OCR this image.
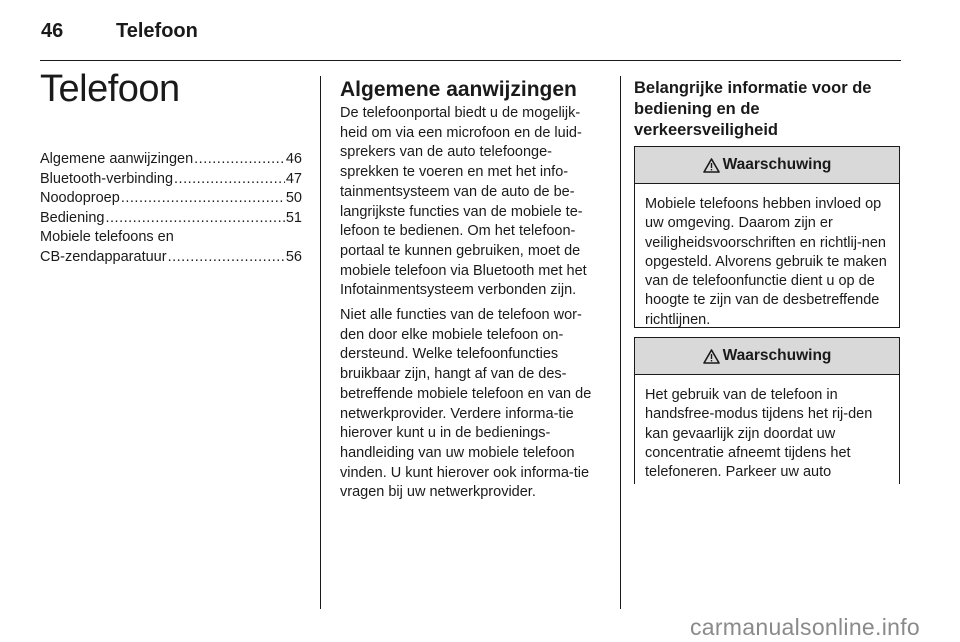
46	Telefoon
Telefoon
Algemene aanwijzingen .....	46
Bluetooth-verbinding .....	47
Noodoproep .....	50
Bediening .....	51
Mobiele telefoons en
CB-zendapparatuur .....	56
Algemene aanwijzingen

De telefoonportal biedt u de mogelijk-heid om via een microfoon en de luid-sprekers van de auto telefoonge-sprekken te voeren en met het info-tainmentsysteem van de auto de be-langrijkste functies van de mobiele te-lefoon te bedienen. Om het telefoon-portaal te kunnen gebruiken, moet de mobiele telefoon via Bluetooth met het Infotainmentsysteem verbonden zijn.

Niet alle functies van de telefoon wor-den door elke mobiele telefoon on-dersteund. Welke telefoonfuncties bruikbaar zijn, hangt af van de des-betreffende mobiele telefoon en van de netwerkprovider. Verdere informa-tie hierover kunt u in de bedienings-handleiding van uw mobiele telefoon vinden. U kunt hierover ook informa-tie vragen bij uw netwerkprovider.

Belangrijke informatie voor de bediening en de verkeersveiligheid
Waarschuwing
Mobiele telefoons hebben invloed op uw omgeving. Daarom zijn er veiligheidsvoorschriften en richtlij-nen opgesteld. Alvorens gebruik te maken van de telefoonfunctie dient u op de hoogte te zijn van de desbetreffende richtlijnen.
Waarschuwing
Het gebruik van de telefoon in handsfree-modus tijdens het rij-den kan gevaarlijk zijn doordat uw concentratie afneemt tijdens het telefoneren. Parkeer uw auto
carmanualsonline.info
